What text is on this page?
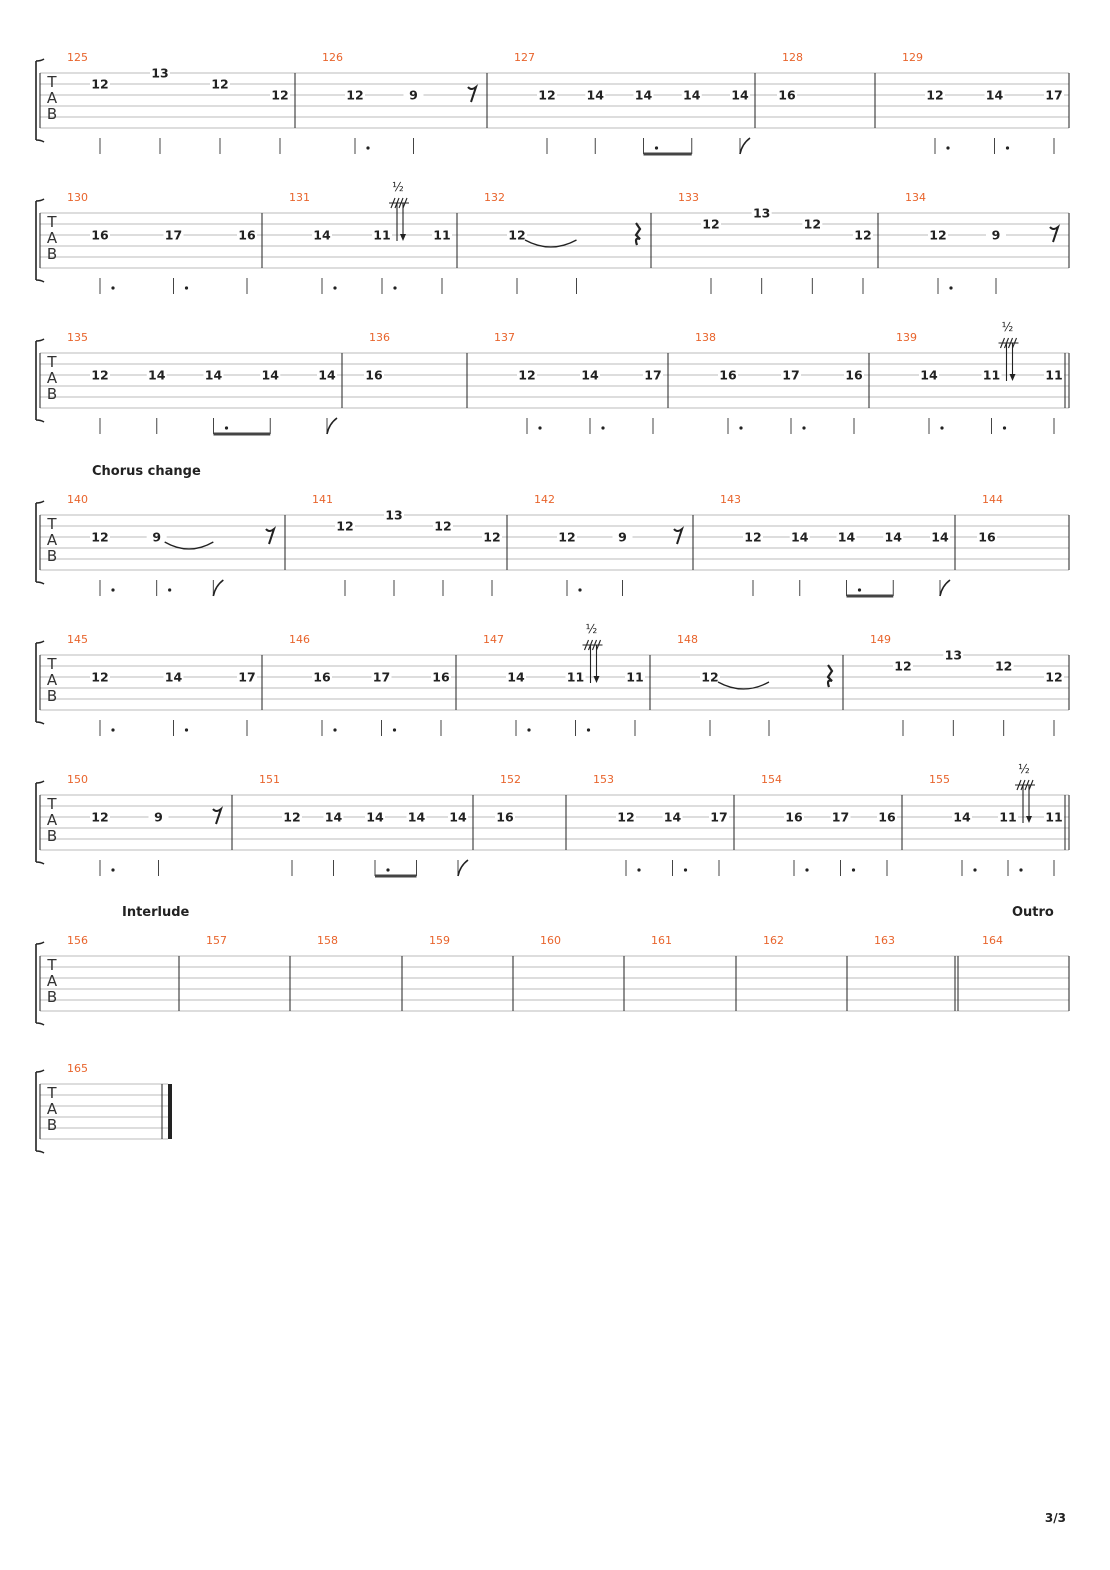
T
A
B
125
12
13
12
12
126
12	9
127
12 14 14 14 14
128
16
129
12	14	17
T
A
B
130
16	17	16
131
14	11
½
11
132
12
133
12
13
12
12
134
12	9
T
A
B
135
12	14	14	14	14
136
16
137
12	14	17
138
16	17	16
139
14	11
½
11
T
A
B
Chorus change
140
12	9
141
12
13
12
12
142
12	9
143
12 14 14 14 14
144
16
T
A
B
145
12	14	17
146
16	17	16
147
14	11
½
11
148
12
149
12
13
12
12
T
A
B
150
12	9
151
12 14 14 14 14
152
16
153
12 14 17
154
16 17 16
155
14 11
½
11
T
A
B
Interlude	Outro
156	157	158	159	160	161	162	163	164
T
A
B
165
3/3
